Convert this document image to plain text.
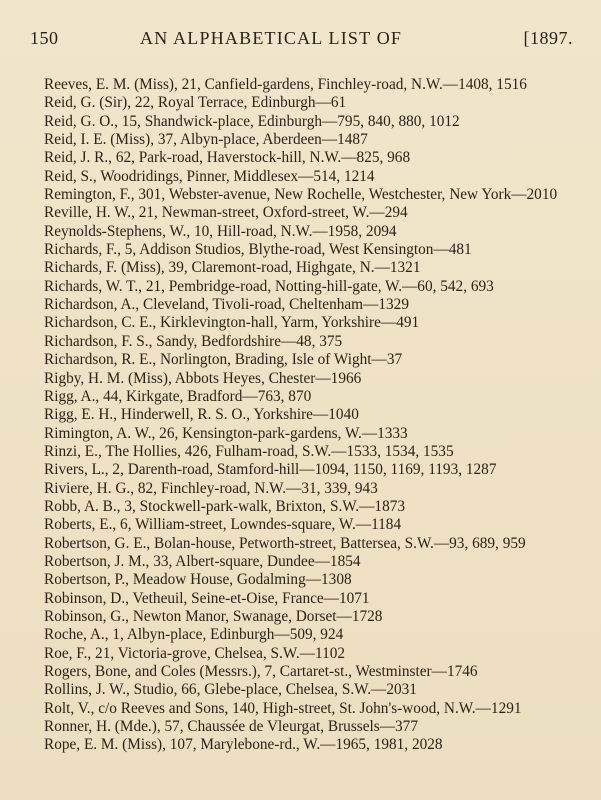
150	AN ALPHABETICAL LIST OF	[1897.

Reeves, E. M. (Miss), 21, Canfield-gardens, Finchley-road, N.W.—1408, 1516

Reid, G. (Sir), 22, Royal Terrace, Edinburgh—61

Reid, G. O., 15, Shandwick-place, Edinburgh—795, 840, 880, 1012

Reid, I. E. (Miss), 37, Albyn-place, Aberdeen—1487

Reid, J. R., 62, Park-road, Haverstock-hill, N.W.—825, 968

Reid, S., Woodridings, Pinner, Middlesex—514, 1214

Remington, F., 301, Webster-avenue, New Rochelle, Westchester, New York—2010

Reville, H. W., 21, Newman-street, Oxford-street, W.—294

Reynolds-Stephens, W., 10, Hill-road, N.W.—1958, 2094

Richards, F., 5, Addison Studios, Blythe-road, West Kensington—481

Richards, F. (Miss), 39, Claremont-road, Highgate, N.—1321

Richards, W. T., 21, Pembridge-road, Notting-hill-gate, W.—60, 542, 693

Richardson, A., Cleveland, Tivoli-road, Cheltenham—1329

Richardson, C. E., Kirklevington-hall, Yarm, Yorkshire—491

Richardson, F. S., Sandy, Bedfordshire—48, 375

Richardson, R. E., Norlington, Brading, Isle of Wight—37

Rigby, H. M. (Miss), Abbots Heyes, Chester—1966

Rigg, A., 44, Kirkgate, Bradford—763, 870

Rigg, E. H., Hinderwell, R. S. O., Yorkshire—1040

Rimington, A. W., 26, Kensington-park-gardens, W.—1333

Rinzi, E., The Hollies, 426, Fulham-road, S.W.—1533, 1534, 1535

Rivers, L., 2, Darenth-road, Stamford-hill—1094, 1150, 1169, 1193, 1287

Riviere, H. G., 82, Finchley-road, N.W.—31, 339, 943

Robb, A. B., 3, Stockwell-park-walk, Brixton, S.W.—1873

Roberts, E., 6, William-street, Lowndes-square, W.—1184

Robertson, G. E., Bolan-house, Petworth-street, Battersea, S.W.—93, 689, 959

Robertson, J. M., 33, Albert-square, Dundee—1854

Robertson, P., Meadow House, Godalming—1308

Robinson, D., Vetheuil, Seine-et-Oise, France—1071

Robinson, G., Newton Manor, Swanage, Dorset—1728

Roche, A., 1, Albyn-place, Edinburgh—509, 924

Roe, F., 21, Victoria-grove, Chelsea, S.W.—1102

Rogers, Bone, and Coles (Messrs.), 7, Cartaret-st., Westminster—1746

Rollins, J. W., Studio, 66, Glebe-place, Chelsea, S.W.—2031

Rolt, V., c/o Reeves and Sons, 140, High-street, St. John's-wood, N.W.—1291

Ronner, H. (Mde.), 57, Chaussée de Vleurgat, Brussels—377

Rope, E. M. (Miss), 107, Marylebone-rd., W.—1965, 1981, 2028
